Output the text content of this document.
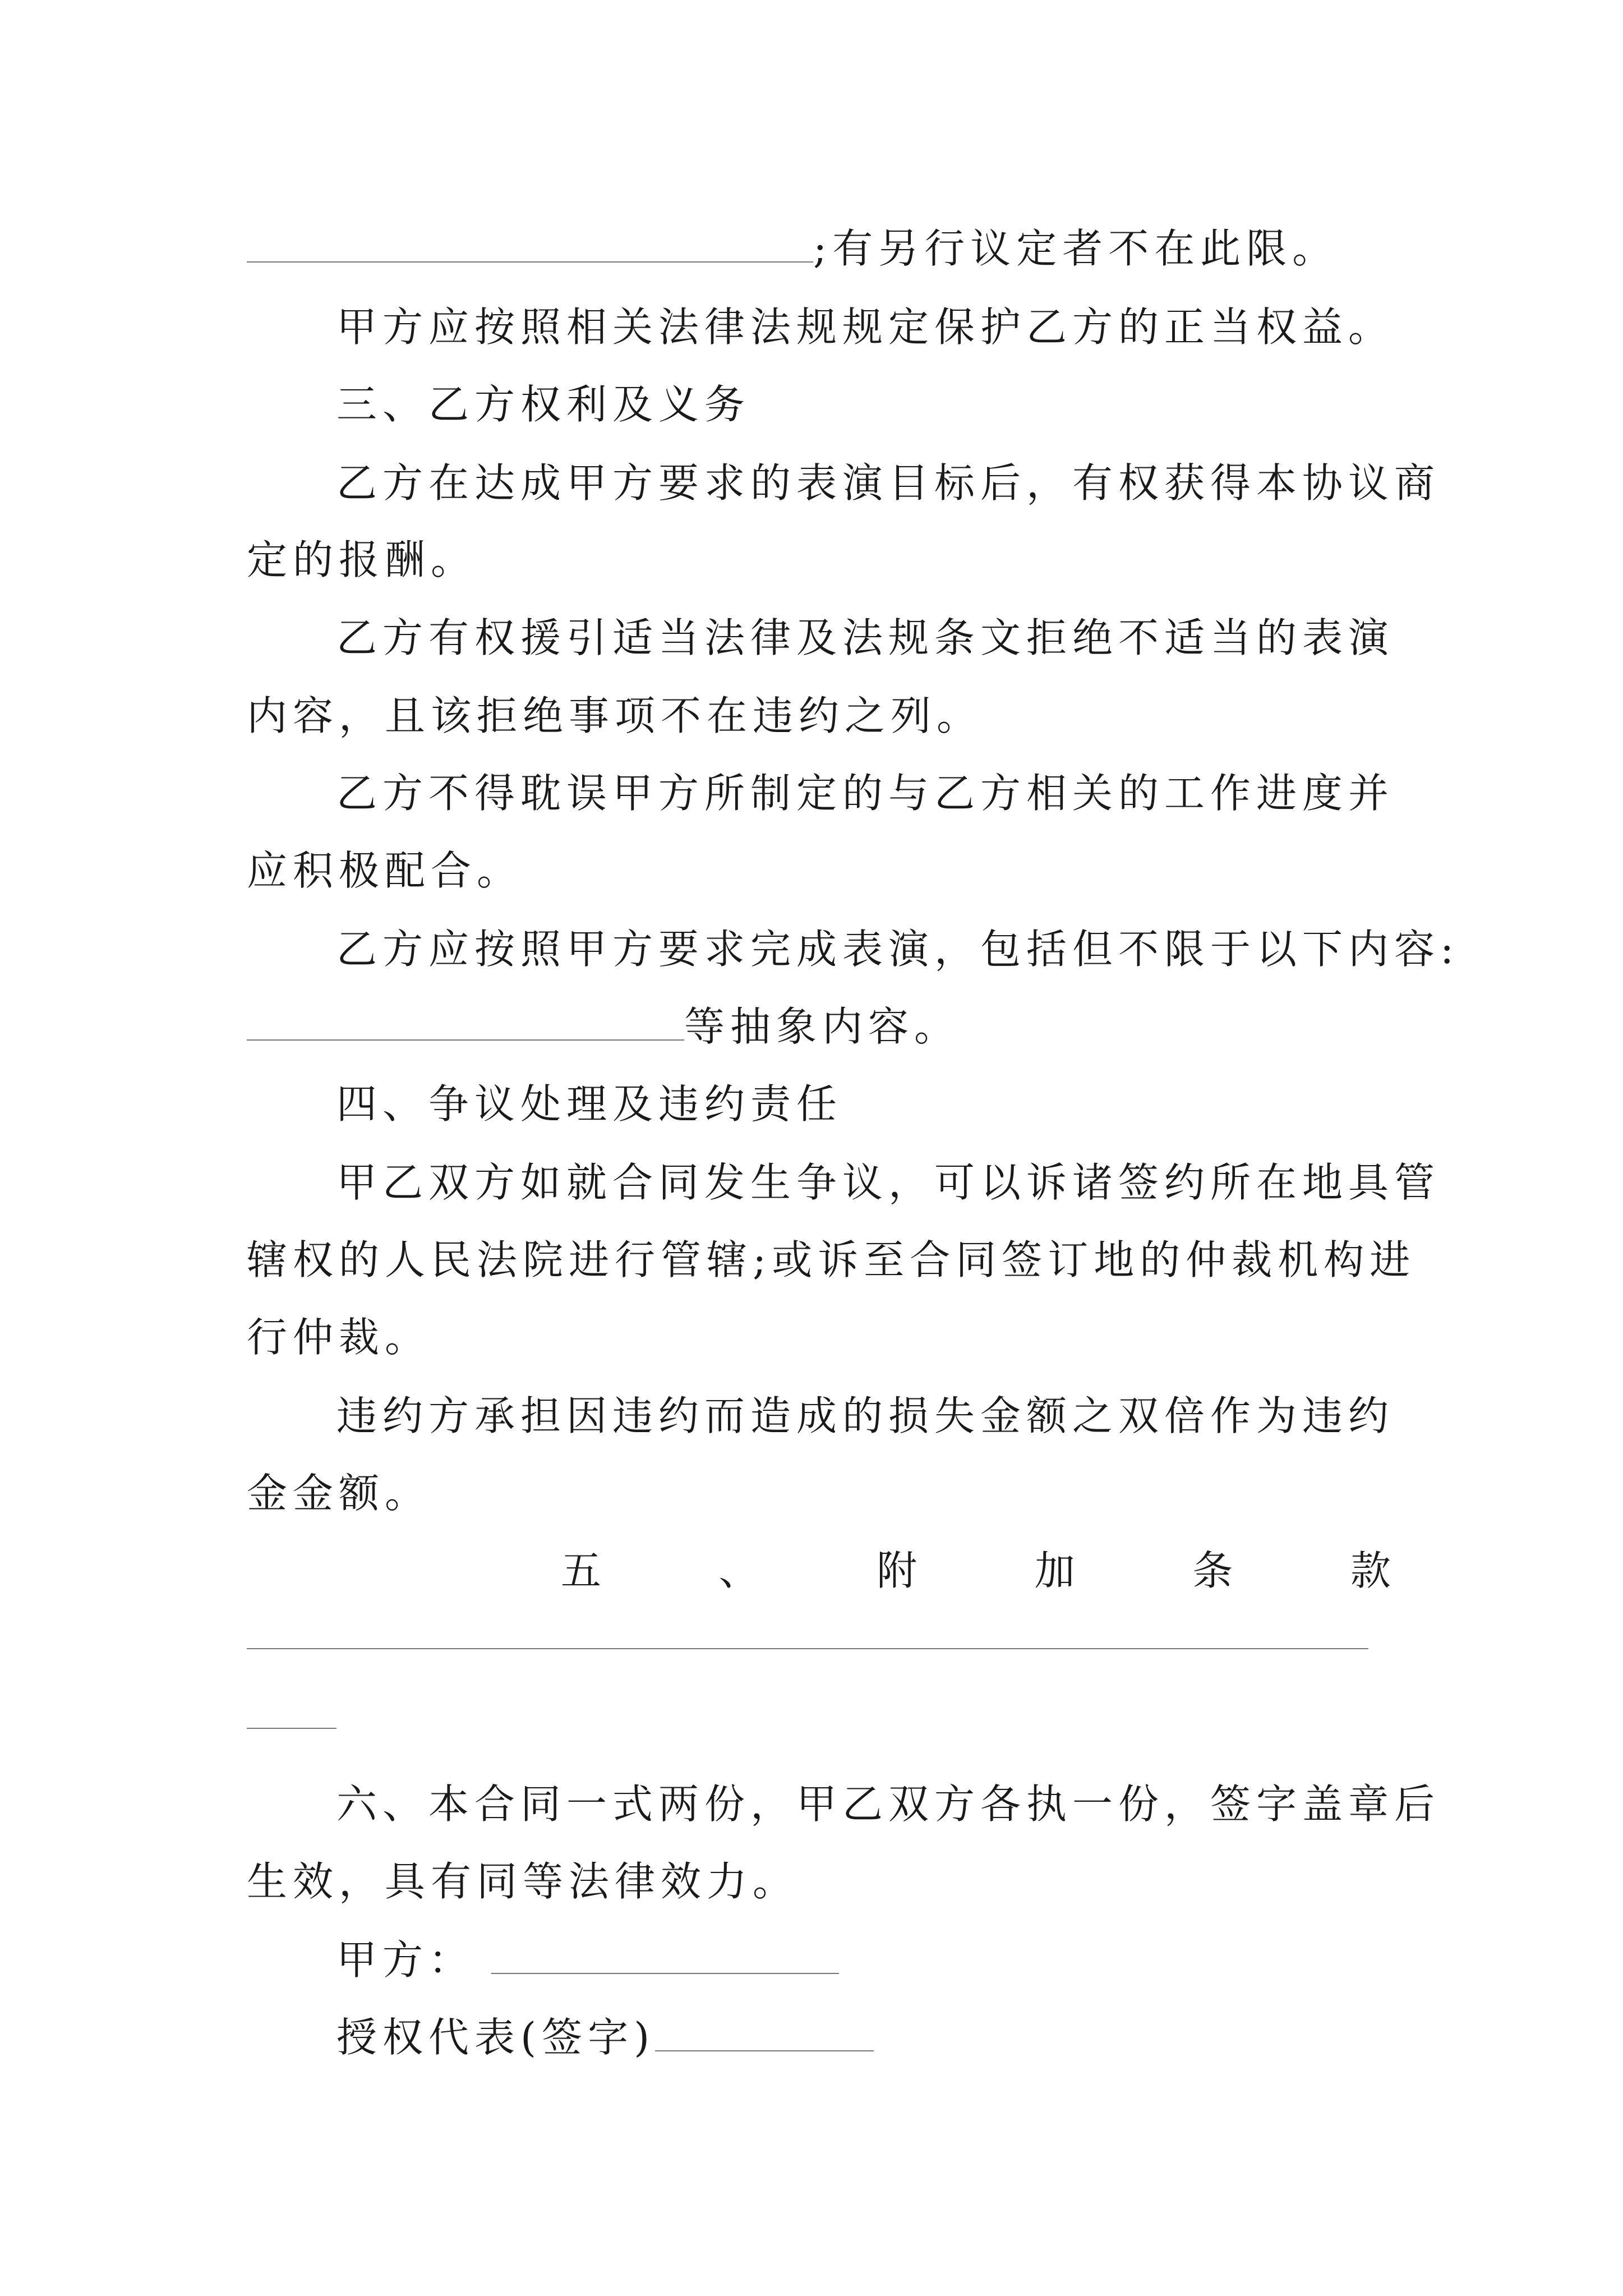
;有另行议定者不在此限。
甲方应按照相关法律法规规定保护乙方的正当权益。
三、乙方权利及义务
乙方在达成甲方要求的表演目标后，有权获得本协议商
定的报酬。
乙方有权援引适当法律及法规条文拒绝不适当的表演
内容，且该拒绝事项不在违约之列。
乙方不得耽误甲方所制定的与乙方相关的工作进度并
应积极配合。
乙方应按照甲方要求完成表演，包括但不限于以下内容:
等抽象内容。
四、争议处理及违约责任
甲乙双方如就合同发生争议，可以诉诸签约所在地具管
辖权的人民法院进行管辖;或诉至合同签订地的仲裁机构进
行仲裁。
违约方承担因违约而造成的损失金额之双倍作为违约
金金额。
五	、	附	加	条	款
六、本合同一式两份，甲乙双方各执一份，签字盖章后
生效，具有同等法律效力。
甲方：
授权代表(签字)
